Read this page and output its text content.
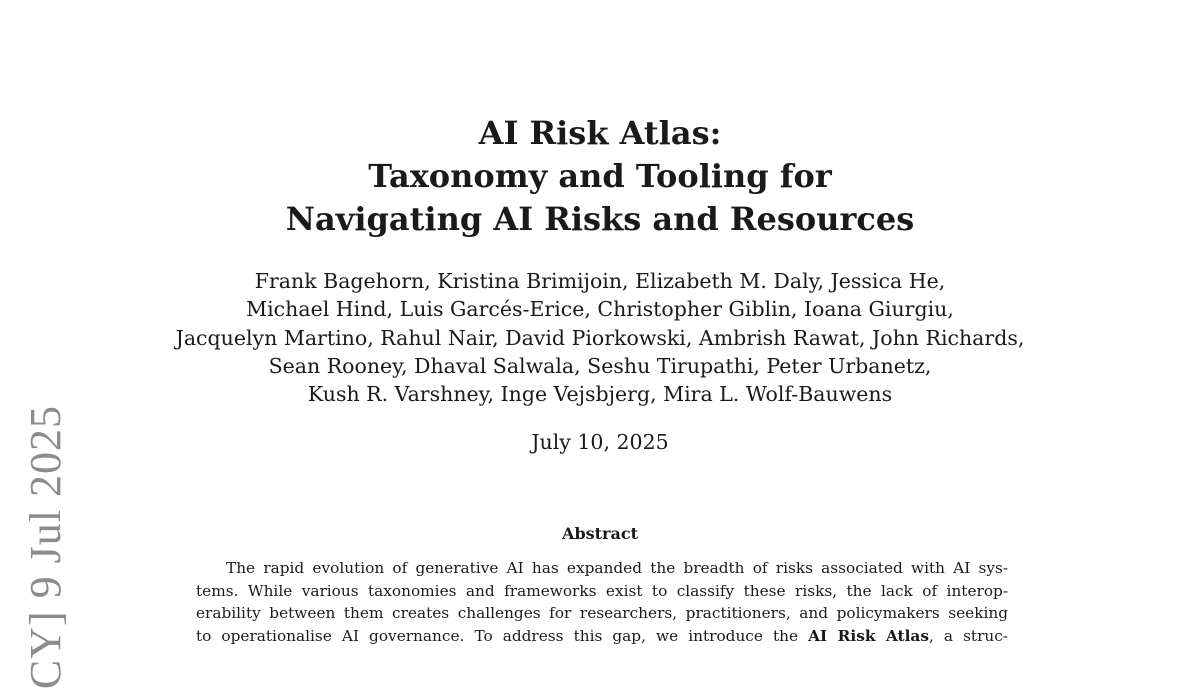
CY] 9 Jul 2025
AI Risk Atlas:
Taxonomy and Tooling for
Navigating AI Risks and Resources
Frank Bagehorn, Kristina Brimijoin, Elizabeth M. Daly, Jessica He,
Michael Hind, Luis Garcés-Erice, Christopher Giblin, Ioana Giurgiu,
Jacquelyn Martino, Rahul Nair, David Piorkowski, Ambrish Rawat, John Richards,
Sean Rooney, Dhaval Salwala, Seshu Tirupathi, Peter Urbanetz,
Kush R. Varshney, Inge Vejsbjerg, Mira L. Wolf-Bauwens
July 10, 2025
Abstract
The rapid evolution of generative AI has expanded the breadth of risks associated with AI sys-
tems. While various taxonomies and frameworks exist to classify these risks, the lack of interop-
erability between them creates challenges for researchers, practitioners, and policymakers seeking
to operationalise AI governance. To address this gap, we introduce the AI Risk Atlas, a struc-
